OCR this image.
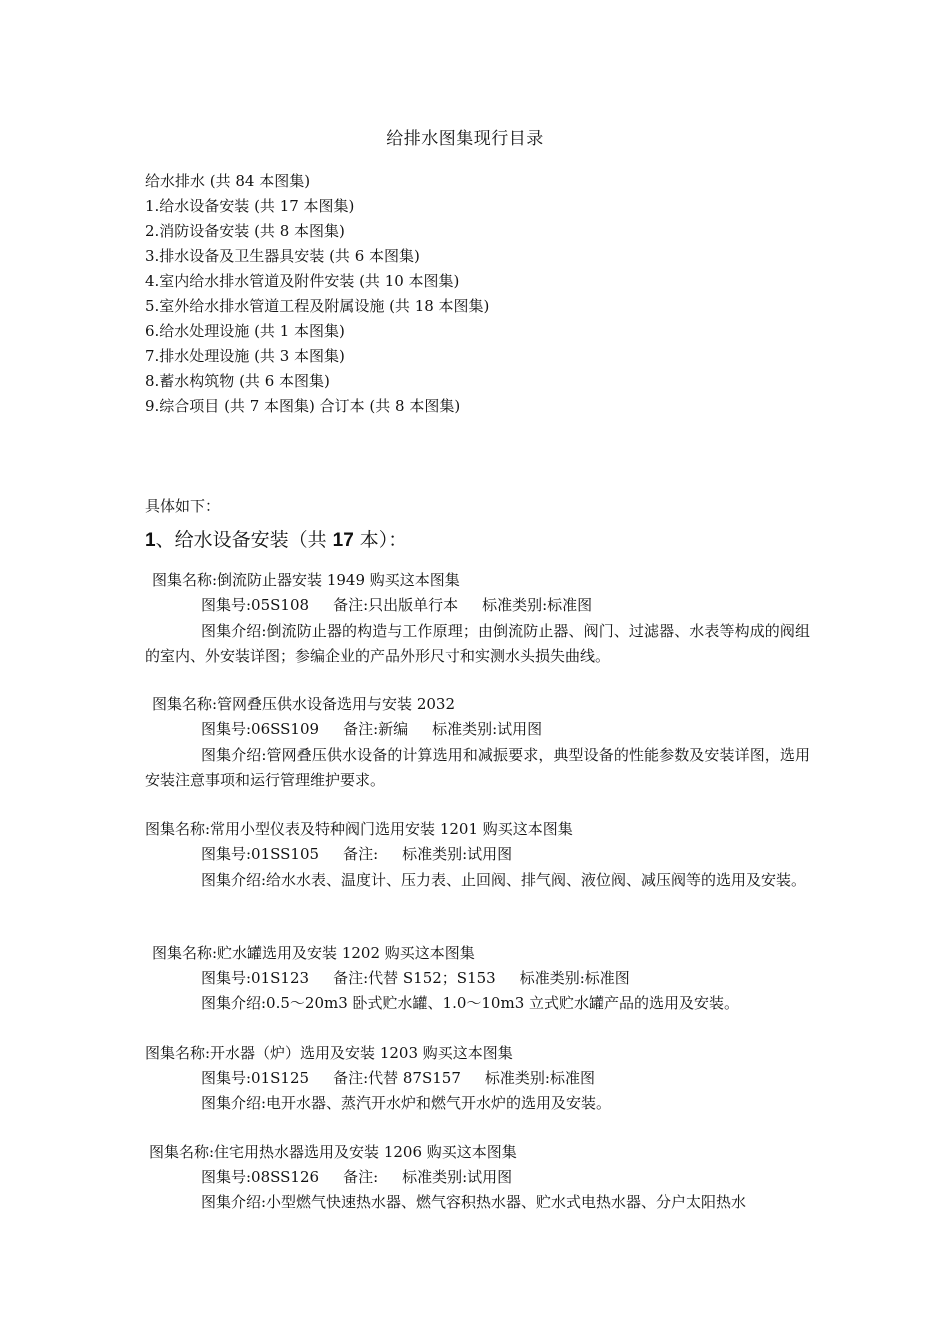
给排水图集现行目录
给水排水 (共 84 本图集)
1.给水设备安装 (共 17 本图集)
2.消防设备安装 (共 8 本图集)
3.排水设备及卫生器具安装 (共 6 本图集)
4.室内给水排水管道及附件安装 (共 10 本图集)
5.室外给水排水管道工程及附属设施 (共 18 本图集)
6.给水处理设施 (共 1 本图集)
7.排水处理设施 (共 3 本图集)
8.蓄水构筑物 (共 6 本图集)
9.综合项目 (共 7 本图集) 合订本 (共 8 本图集)
具体如下：
1、给水设备安装（共 17 本）：
图集名称:倒流防止器安装 1949 购买这本图集
图集号:05S108 备注:只出版单行本 标准类别:标准图
图集介绍:倒流防止器的构造与工作原理；由倒流防止器、阀门、过滤器、水表等构成的阀组的室内、外安装详图；参编企业的产品外形尺寸和实测水头损失曲线。
图集名称:管网叠压供水设备选用与安装 2032
图集号:06SS109 备注:新编 标准类别:试用图
图集介绍:管网叠压供水设备的计算选用和减振要求，典型设备的性能参数及安装详图，选用安装注意事项和运行管理维护要求。
图集名称:常用小型仪表及特种阀门选用安装 1201 购买这本图集
图集号:01SS105 备注: 标准类别:试用图
图集介绍:给水水表、温度计、压力表、止回阀、排气阀、液位阀、减压阀等的选用及安装。
图集名称:贮水罐选用及安装 1202 购买这本图集
图集号:01S123 备注:代替 S152；S153 标准类别:标准图
图集介绍:0.5～20m3 卧式贮水罐、1.0～10m3 立式贮水罐产品的选用及安装。
图集名称:开水器（炉）选用及安装 1203 购买这本图集
图集号:01S125 备注:代替 87S157 标准类别:标准图
图集介绍:电开水器、蒸汽开水炉和燃气开水炉的选用及安装。
图集名称:住宅用热水器选用及安装 1206 购买这本图集
图集号:08SS126 备注: 标准类别:试用图
图集介绍:小型燃气快速热水器、燃气容积热水器、贮水式电热水器、分户太阳热水
